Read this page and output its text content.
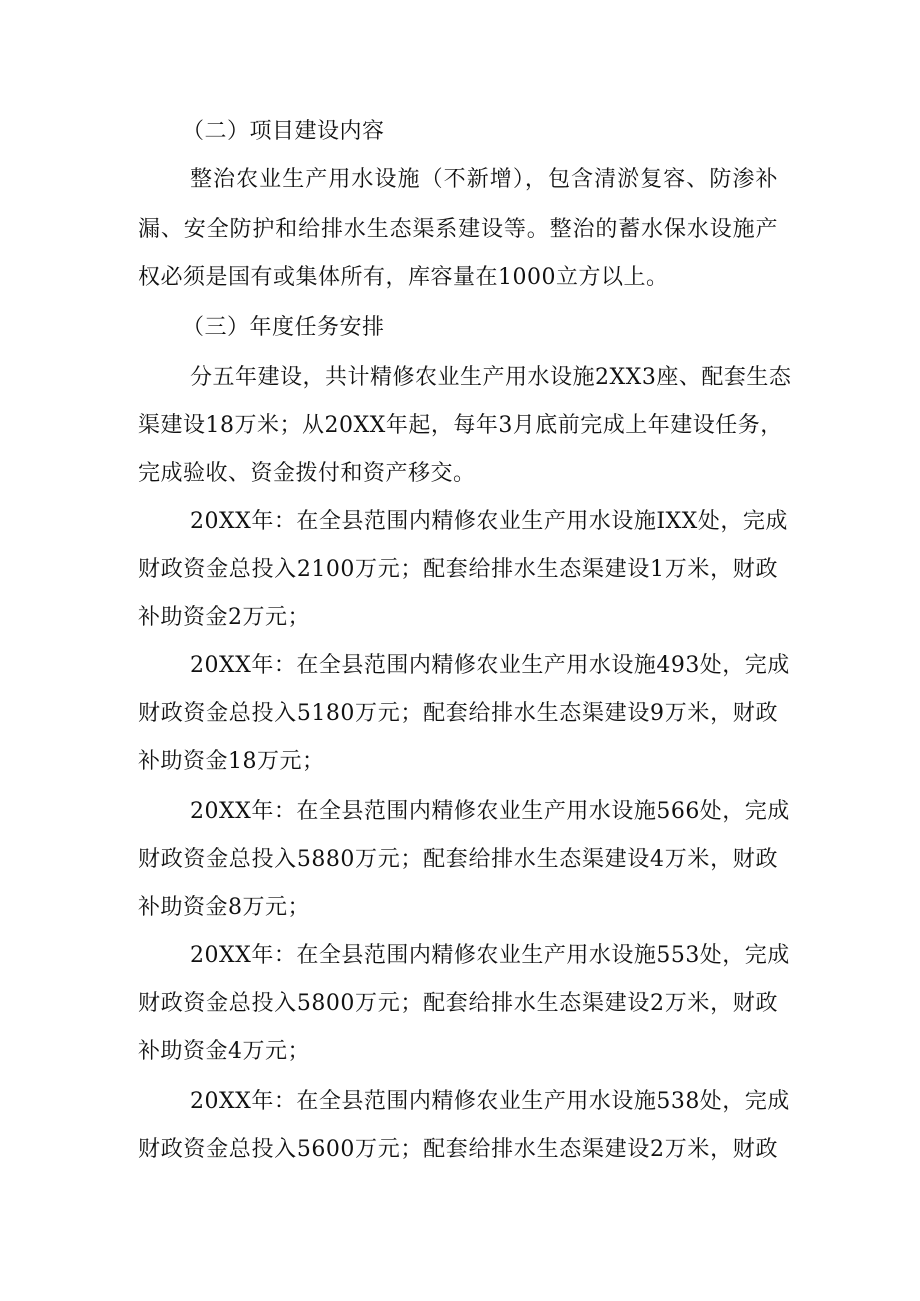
（二）项目建设内容
整治农业生产用水设施（不新增），包含清淤复容、防渗补
漏、安全防护和给排水生态渠系建设等。整治的蓄水保水设施产
权必须是国有或集体所有，库容量在1000立方以上。
（三）年度任务安排
分五年建设，共计精修农业生产用水设施2XX3座、配套生态
渠建设18万米；从20XX年起，每年3月底前完成上年建设任务，
完成验收、资金拨付和资产移交。
20XX年：在全县范围内精修农业生产用水设施IXX处，完成
财政资金总投入2100万元；配套给排水生态渠建设1万米，财政
补助资金2万元；
20XX年：在全县范围内精修农业生产用水设施493处，完成
财政资金总投入5180万元；配套给排水生态渠建设9万米，财政
补助资金18万元；
20XX年：在全县范围内精修农业生产用水设施566处，完成
财政资金总投入5880万元；配套给排水生态渠建设4万米，财政
补助资金8万元；
20XX年：在全县范围内精修农业生产用水设施553处，完成
财政资金总投入5800万元；配套给排水生态渠建设2万米，财政
补助资金4万元；
20XX年：在全县范围内精修农业生产用水设施538处，完成
财政资金总投入5600万元；配套给排水生态渠建设2万米，财政
